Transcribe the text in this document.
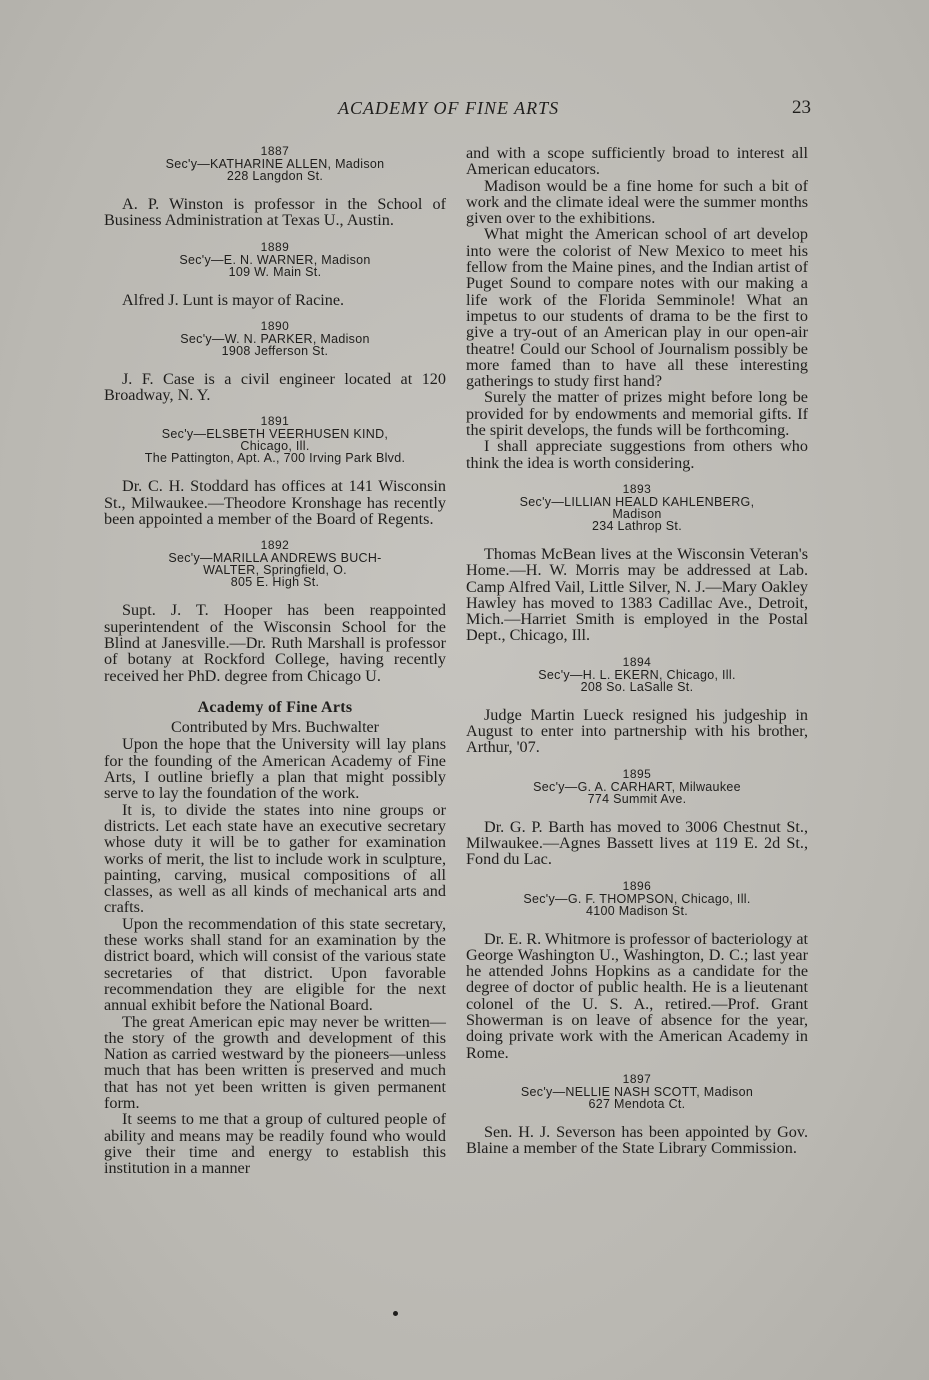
ACADEMY OF FINE ARTS	23
1887
Sec'y—KATHARINE ALLEN, Madison
228 Langdon St.

A. P. Winston is professor in the School of Business Administration at Texas U., Austin.

1889
Sec'y—E. N. WARNER, Madison
109 W. Main St.

Alfred J. Lunt is mayor of Racine.

1890
Sec'y—W. N. PARKER, Madison
1908 Jefferson St.

J. F. Case is a civil engineer located at 120 Broadway, N. Y.

1891
Sec'y—ELSBETH VEERHUSEN KIND,
Chicago, Ill.
The Pattington, Apt. A., 700 Irving Park Blvd.

Dr. C. H. Stoddard has offices at 141 Wisconsin St., Milwaukee.—Theodore Kronshage has recently been appointed a member of the Board of Regents.

1892
Sec'y—MARILLA ANDREWS BUCH-
WALTER, Springfield, O.
805 E. High St.

Supt. J. T. Hooper has been reappointed superintendent of the Wisconsin School for the Blind at Janesville.—Dr. Ruth Marshall is professor of botany at Rockford College, having recently received her PhD. degree from Chicago U.

Academy of Fine Arts
Contributed by Mrs. Buchwalter

Upon the hope that the University will lay plans for the founding of the American Academy of Fine Arts, I outline briefly a plan that might possibly serve to lay the foundation of the work.

It is, to divide the states into nine groups or districts. Let each state have an executive secretary whose duty it will be to gather for examination works of merit, the list to include work in sculpture, painting, carving, musical compositions of all classes, as well as all kinds of mechanical arts and crafts.

Upon the recommendation of this state secretary, these works shall stand for an examination by the district board, which will consist of the various state secretaries of that district. Upon favorable recommendation they are eligible for the next annual exhibit before the National Board.

The great American epic may never be written—the story of the growth and development of this Nation as carried westward by the pioneers—unless much that has been written is preserved and much that has not yet been written is given permanent form.

It seems to me that a group of cultured people of ability and means may be readily found who would give their time and energy to establish this institution in a manner

and with a scope sufficiently broad to interest all American educators.

Madison would be a fine home for such a bit of work and the climate ideal were the summer months given over to the exhibitions.

What might the American school of art develop into were the colorist of New Mexico to meet his fellow from the Maine pines, and the Indian artist of Puget Sound to compare notes with our making a life work of the Florida Semminole! What an impetus to our students of drama to be the first to give a try-out of an American play in our open-air theatre! Could our School of Journalism possibly be more famed than to have all these interesting gatherings to study first hand?

Surely the matter of prizes might before long be provided for by endowments and memorial gifts. If the spirit develops, the funds will be forthcoming.

I shall appreciate suggestions from others who think the idea is worth considering.

1893
Sec'y—LILLIAN HEALD KAHLENBERG,
Madison
234 Lathrop St.

Thomas McBean lives at the Wisconsin Veteran's Home.—H. W. Morris may be addressed at Lab. Camp Alfred Vail, Little Silver, N. J.—Mary Oakley Hawley has moved to 1383 Cadillac Ave., Detroit, Mich.—Harriet Smith is employed in the Postal Dept., Chicago, Ill.

1894
Sec'y—H. L. EKERN, Chicago, Ill.
208 So. LaSalle St.

Judge Martin Lueck resigned his judgeship in August to enter into partnership with his brother, Arthur, '07.

1895
Sec'y—G. A. CARHART, Milwaukee
774 Summit Ave.

Dr. G. P. Barth has moved to 3006 Chestnut St., Milwaukee.—Agnes Bassett lives at 119 E. 2d St., Fond du Lac.

1896
Sec'y—G. F. THOMPSON, Chicago, Ill.
4100 Madison St.

Dr. E. R. Whitmore is professor of bacteriology at George Washington U., Washington, D. C.; last year he attended Johns Hopkins as a candidate for the degree of doctor of public health. He is a lieutenant colonel of the U. S. A., retired.—Prof. Grant Showerman is on leave of absence for the year, doing private work with the American Academy in Rome.

1897
Sec'y—NELLIE NASH SCOTT, Madison
627 Mendota Ct.

Sen. H. J. Severson has been appointed by Gov. Blaine a member of the State Library Commission.
